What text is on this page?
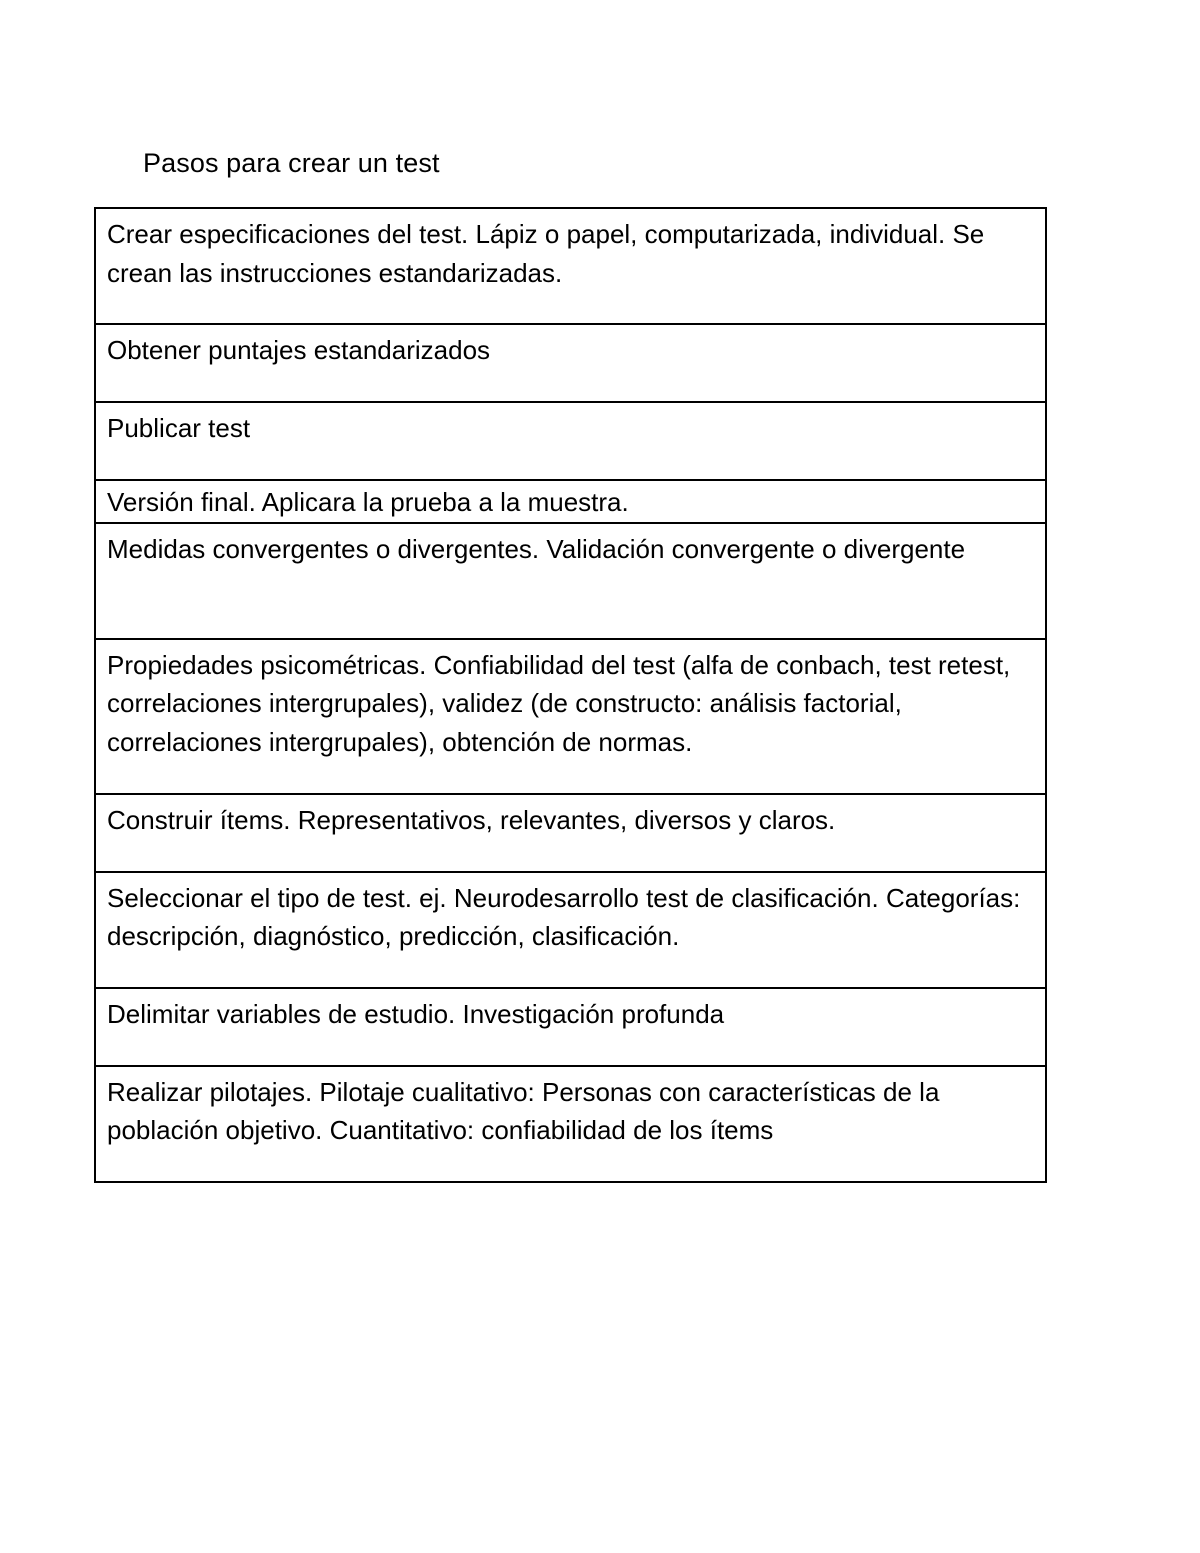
Pasos para crear un test
Crear especificaciones del test. Lápiz o papel, computarizada, individual. Se crean las instrucciones estandarizadas.
Obtener puntajes estandarizados
Publicar test
Versión final. Aplicara la prueba a la muestra.
Medidas convergentes o divergentes. Validación convergente o divergente
Propiedades psicométricas. Confiabilidad del test (alfa de conbach, test retest, correlaciones intergrupales), validez (de constructo: análisis factorial, correlaciones intergrupales), obtención de normas.
Construir ítems. Representativos, relevantes, diversos y claros.
Seleccionar el tipo de test. ej. Neurodesarrollo test de clasificación. Categorías: descripción, diagnóstico, predicción, clasificación.
Delimitar variables de estudio. Investigación profunda
Realizar pilotajes. Pilotaje cualitativo: Personas con características de la población objetivo. Cuantitativo: confiabilidad de los ítems
